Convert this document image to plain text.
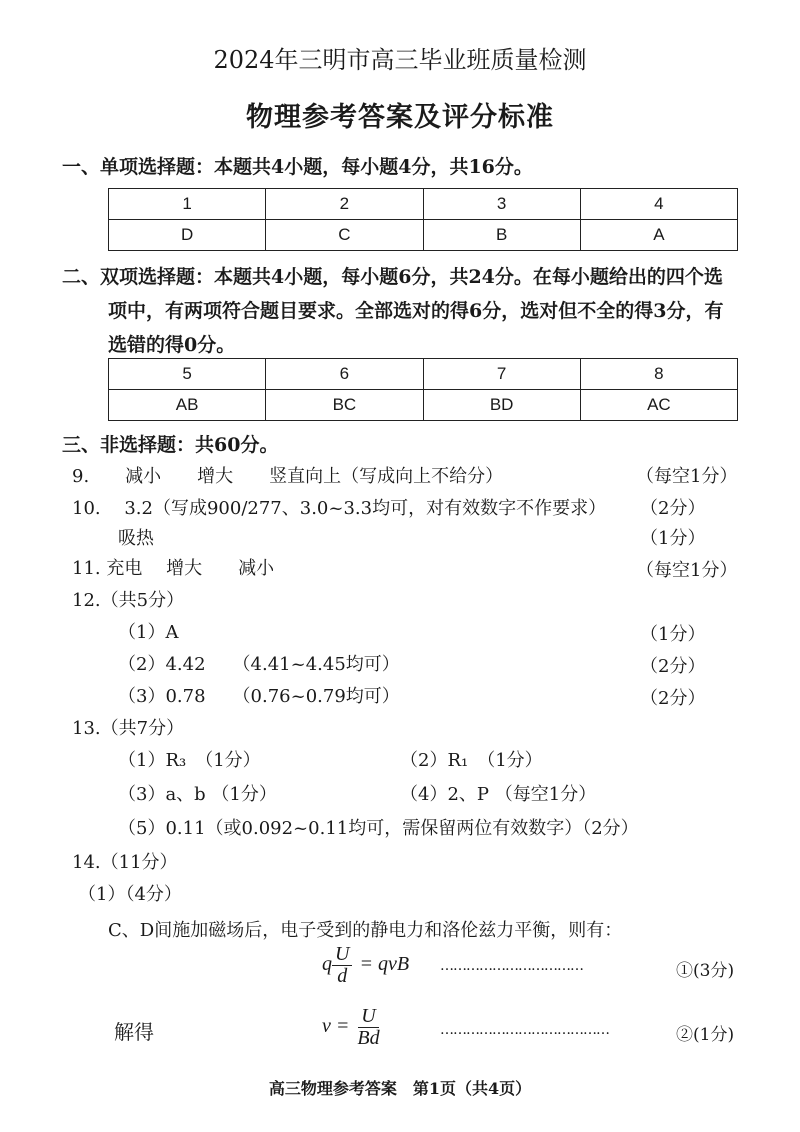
2024年三明市高三毕业班质量检测
物理参考答案及评分标准
一、单项选择题：本题共4小题，每小题4分，共16分。
1	2	3	4
D	C	B	A
二、双项选择题：本题共4小题，每小题6分，共24分。在每小题给出的四个选
项中，有两项符合题目要求。全部选对的得6分，选对但不全的得3分，有
选错的得0分。
5	6	7	8
AB	BC	BD	AC
三、非选择题：共60分。
9.　　减小　　增大　　竖直向上（写成向上不给分）	（每空1分）
10.　 3.2（写成900/277、3.0~3.3均可，对有效数字不作要求） （2分）
吸热	（1分）
11. 充电　 增大　　减小	（每空1分）
12.（共5分）
（1）A	（1分）
（2）4.42　　（4.41~4.45均可）	（2分）
（3）0.78　　（0.76~0.79均可）	（2分）
13.（共7分）
（1）R₃　（1分）	（2）R₁　（1分）
（3）a、b （1分）	（4）2、P （每空1分）
（5）0.11（或0.092~0.11均可，需保留两位有效数字）（2分）
14.（11分）
（1）（4分）
C、D间施加磁场后，电子受到的静电力和洛伦兹力平衡，则有：
q $\frac{U}{d}$ = qvB ……………………………	①(3分)
解得	$v = \frac{U}{Bd}$	…………………………………	②(1分)
高三物理参考答案　第1页（共4页）
